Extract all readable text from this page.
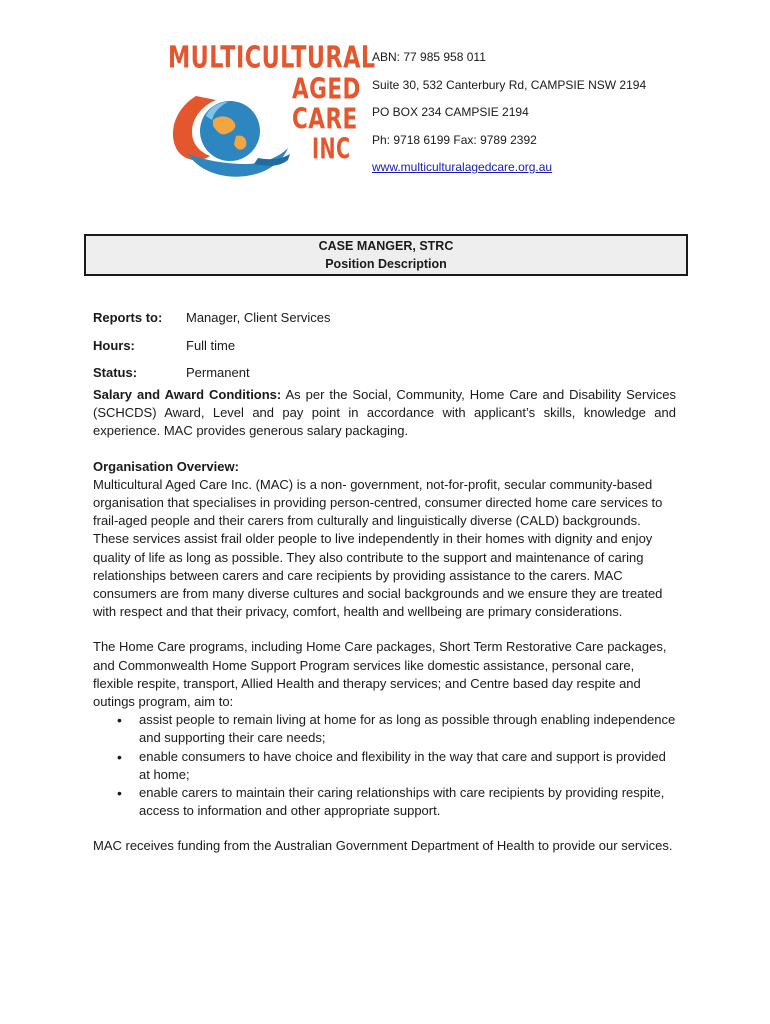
MULTICULTURAL
AGED
CARE
INC
ABN: 77 985 958 011
Suite 30, 532 Canterbury Rd, CAMPSIE NSW 2194
PO BOX 234 CAMPSIE 2194
Ph: 9718 6199 Fax: 9789 2392
www.multiculturalagedcare.org.au
CASE MANGER, STRC
Position Description
Reports to:	Manager, Client Services
Hours:	Full time
Status:	Permanent

Salary and Award Conditions: As per the Social, Community, Home Care and Disability Services (SCHCDS) Award, Level and pay point in accordance with applicant’s skills, knowledge and experience. MAC provides generous salary packaging.

Organisation Overview:

Multicultural Aged Care Inc. (MAC) is a non- government, not-for-profit, secular community-based organisation that specialises in providing person-centred, consumer directed home care services to frail-aged people and their carers from culturally and linguistically diverse (CALD) backgrounds. These services assist frail older people to live independently in their homes with dignity and enjoy quality of life as long as possible. They also contribute to the support and maintenance of caring relationships between carers and care recipients by providing assistance to the carers. MAC consumers are from many diverse cultures and social backgrounds and we ensure they are treated with respect and that their privacy, comfort, health and wellbeing are primary considerations.

The Home Care programs, including Home Care packages, Short Term Restorative Care packages, and Commonwealth Home Support Program services like domestic assistance, personal care, flexible respite, transport, Allied Health and therapy services; and Centre based day respite and outings program, aim to:

• assist people to remain living at home for as long as possible through enabling independence and supporting their care needs;
• enable consumers to have choice and flexibility in the way that care and support is provided at home;
• enable carers to maintain their caring relationships with care recipients by providing respite, access to information and other appropriate support.

MAC receives funding from the Australian Government Department of Health to provide our services.
